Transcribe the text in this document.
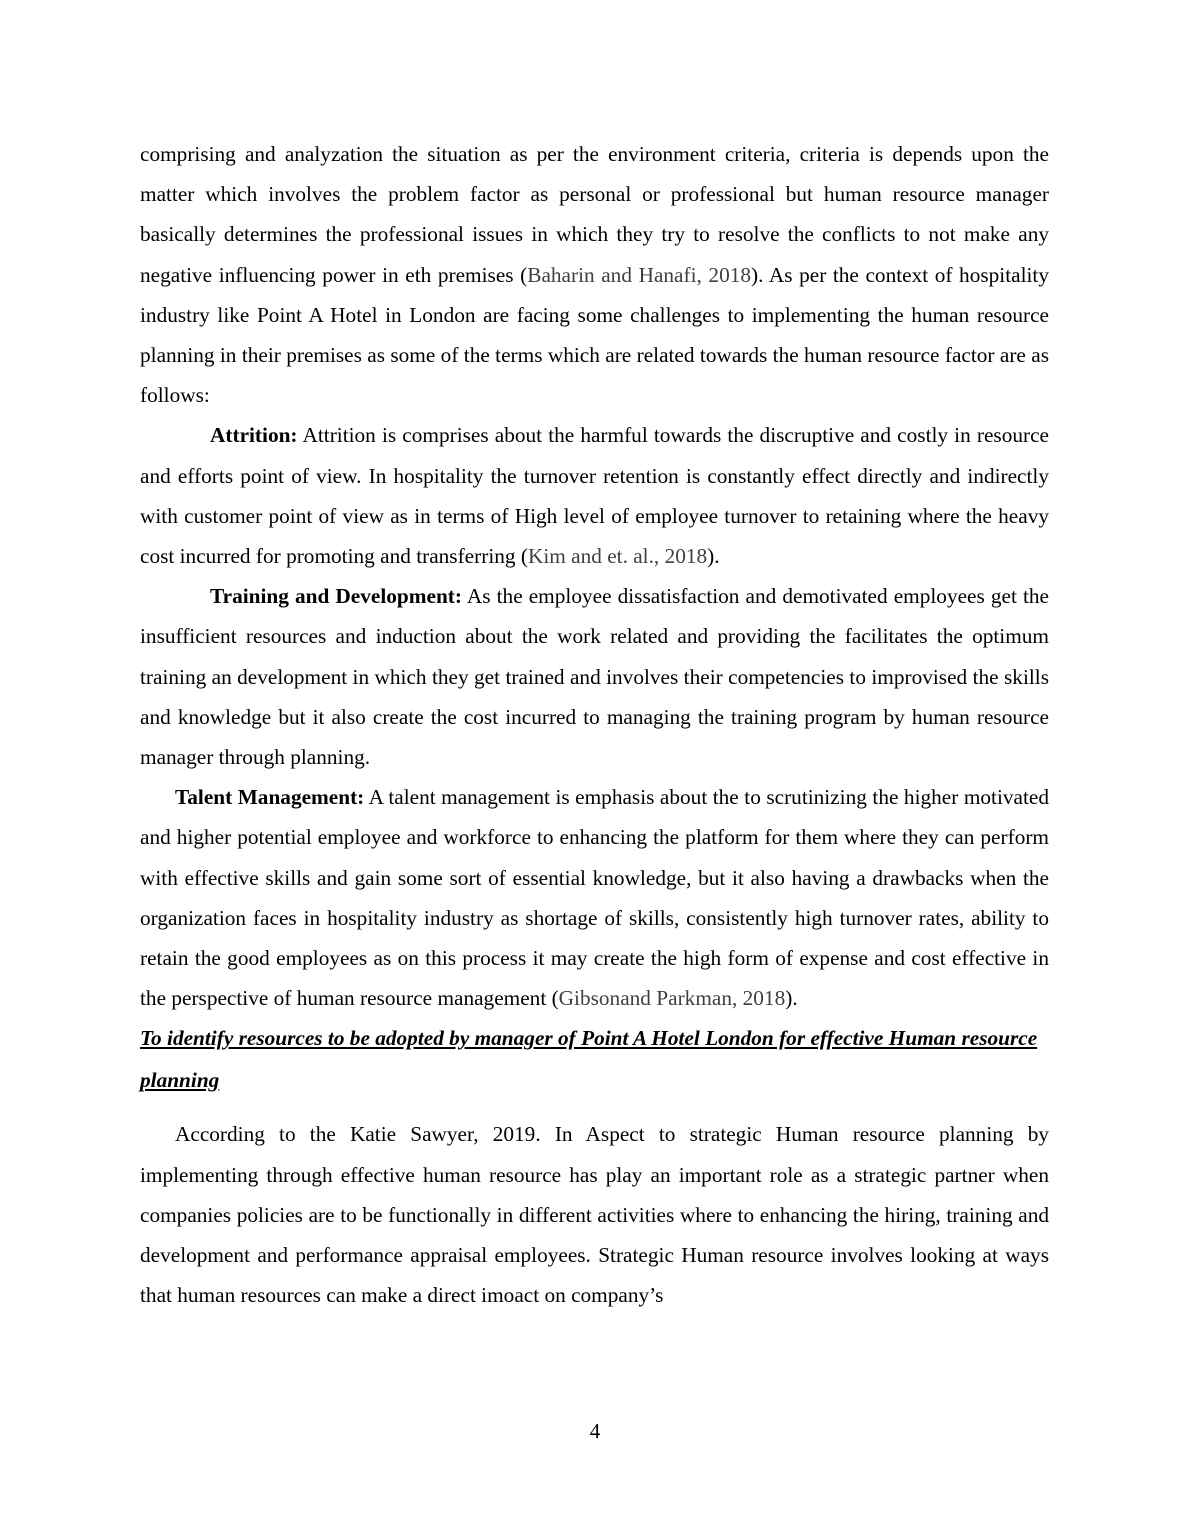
comprising and analyzation the situation as per the environment criteria, criteria is depends upon the matter which involves the problem factor as personal or professional but human resource manager basically determines the professional issues in which they try to resolve the conflicts to not make any negative influencing power in eth premises (Baharin and Hanafi, 2018). As per the context of hospitality industry like Point A Hotel in London are facing some challenges to implementing the human resource planning in their premises as some of the terms which are related towards the human resource factor are as follows:

Attrition: Attrition is comprises about the harmful towards the discruptive and costly in resource and efforts point of view. In hospitality the turnover retention is constantly effect directly and indirectly with customer point of view as in terms of High level of employee turnover to retaining where the heavy cost incurred for promoting and transferring (Kim and et. al., 2018).

Training and Development: As the employee dissatisfaction and demotivated employees get the insufficient resources and induction about the work related and providing the facilitates the optimum training an development in which they get trained and involves their competencies to improvised the skills and knowledge but it also create the cost incurred to managing the training program by human resource manager through planning.

Talent Management: A talent management is emphasis about the to scrutinizing the higher motivated and higher potential employee and workforce to enhancing the platform for them where they can perform with effective skills and gain some sort of essential knowledge, but it also having a drawbacks when the organization faces in hospitality industry as shortage of skills, consistently high turnover rates, ability to retain the good employees as on this process it may create the high form of expense and cost effective in the perspective of human resource management (Gibsonand Parkman, 2018).

To identify resources to be adopted by manager of Point A Hotel London for effective Human resource planning

According to the Katie Sawyer, 2019. In Aspect to strategic Human resource planning by implementing through effective human resource has play an important role as a strategic partner when companies policies are to be functionally in different activities where to enhancing the hiring, training and development and performance appraisal employees. Strategic Human resource involves looking at ways that human resources can make a direct imoact on company’s

4
